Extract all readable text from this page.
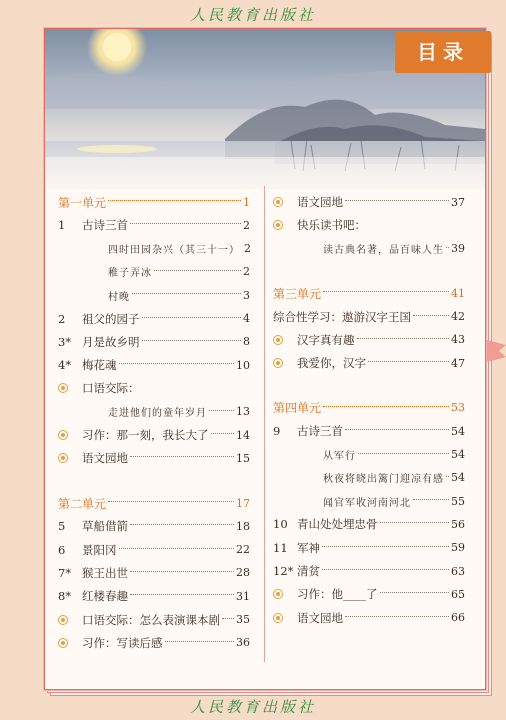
人民教育出版社
目录
第一单元	1
1	古诗三首	2
四时田园杂兴（其三十一） 2
稚子弄冰	2
村晚	3
2	祖父的园子	4
3* 月是故乡明	8
4* 梅花魂	10
口语交际：
走进他们的童年岁月	13
习作：那一刻，我长大了	14
语文园地	15
第二单元	17
5	草船借箭	18
6	景阳冈	22
7* 猴王出世	28
8* 红楼春趣	31
口语交际：怎么表演课本剧 35
习作：写读后感	36
语文园地	37
快乐读书吧：
读古典名著，品百味人生 39
第三单元	41
综合性学习：遨游汉字王国	42
汉字真有趣	43
我爱你，汉字	47
第四单元	53
9	古诗三首	54
从军行	54
秋夜将晓出篱门迎凉有感 54
闻官军收河南河北	55
10 青山处处埋忠骨	56
11 军神	59
12* 清贫	63
习作：他____了	65
语文园地	66
人民教育出版社
